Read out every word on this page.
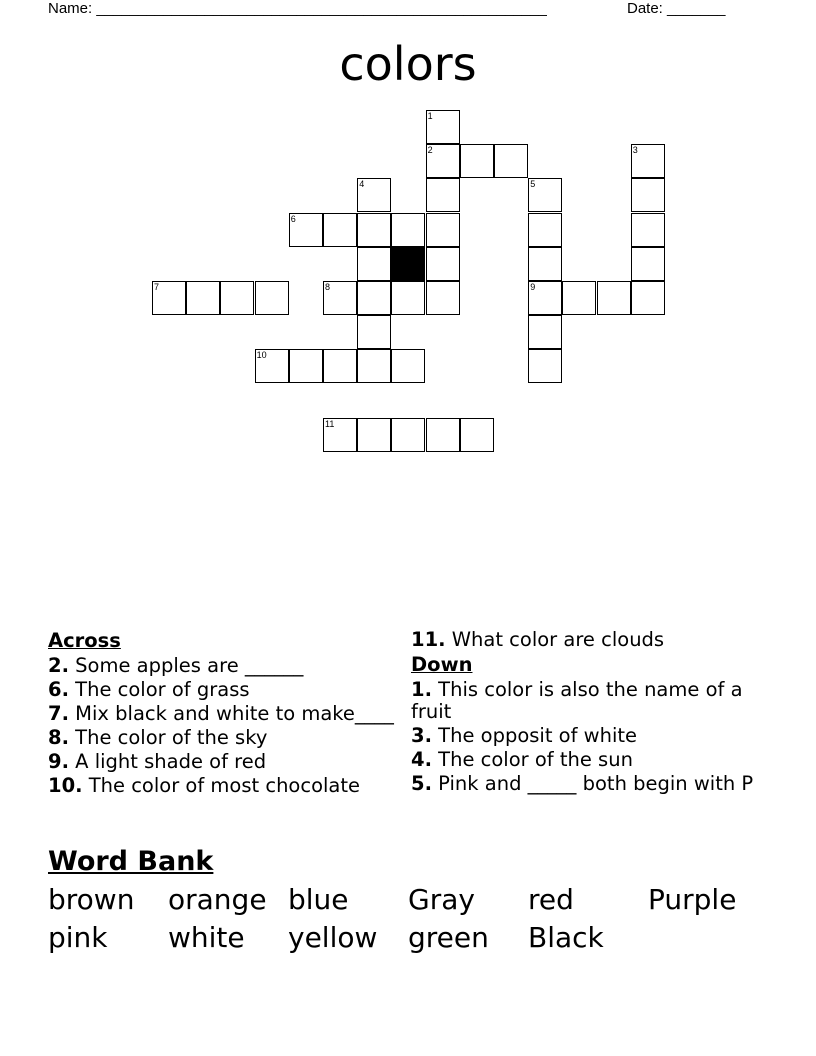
Name: ______________________________________________________	Date: _______
colors
1
2	3
4	5
6
7	8	9
10
11
Across
2. Some apples are ______
6. The color of grass
7. Mix black and white to make____
8. The color of the sky
9. A light shade of red
10. The color of most chocolate
11. What color are clouds
Down
1. This color is also the name of a fruit
3. The opposit of white
4. The color of the sun
5. Pink and _____ both begin with P
Word Bank
brown	orange blue	Gray	red	Purple
pink	white	yellow	green	Black
